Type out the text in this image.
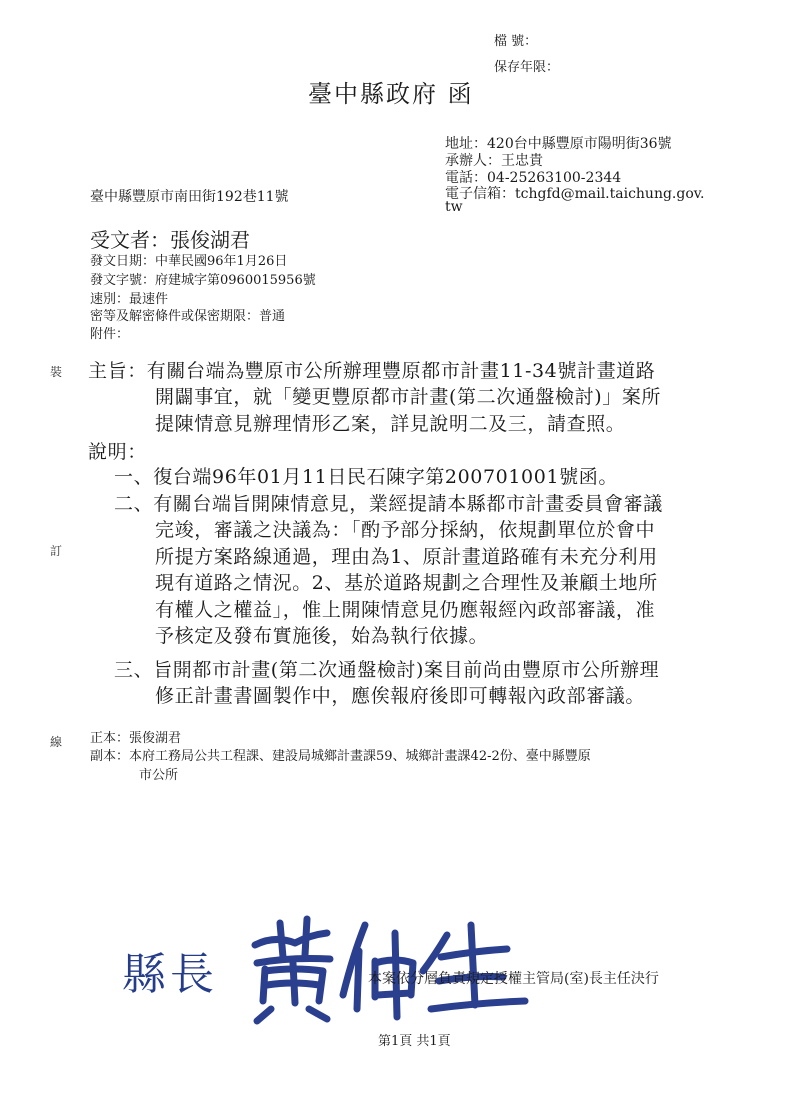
檔 號：
保存年限：
臺中縣政府 函
地址：420台中縣豐原市陽明街36號
承辦人：王忠貴
電話：04-25263100-2344
電子信箱：tchgfd@mail.taichung.gov.
tw
臺中縣豐原市南田街192巷11號
受文者：張俊湖君
發文日期：中華民國96年1月26日
發文字號：府建城字第0960015956號
速別：最速件
密等及解密條件或保密期限：普通
附件：
裝
訂
線
主旨：有關台端為豐原市公所辦理豐原都市計畫11-34號計畫道路
開闢事宜，就「變更豐原都市計畫(第二次通盤檢討)」案所
提陳情意見辦理情形乙案，詳見說明二及三，請查照。
說明：
一、復台端96年01月11日民石陳字第200701001號函。
二、有關台端旨開陳情意見，業經提請本縣都市計畫委員會審議
完竣，審議之決議為：「酌予部分採納，依規劃單位於會中
所提方案路線通過，理由為1、原計畫道路確有未充分利用
現有道路之情況。2、基於道路規劃之合理性及兼顧土地所
有權人之權益」，惟上開陳情意見仍應報經內政部審議，准
予核定及發布實施後，始為執行依據。
三、旨開都市計畫(第二次通盤檢討)案目前尚由豐原市公所辦理
修正計畫書圖製作中，應俟報府後即可轉報內政部審議。
正本：張俊湖君
副本：本府工務局公共工程課、建設局城鄉計畫課59、城鄉計畫課42-2份、臺中縣豐原
市公所
縣長	本案依分層負責規定授權主管局(室)長主任決行
第1頁 共1頁
